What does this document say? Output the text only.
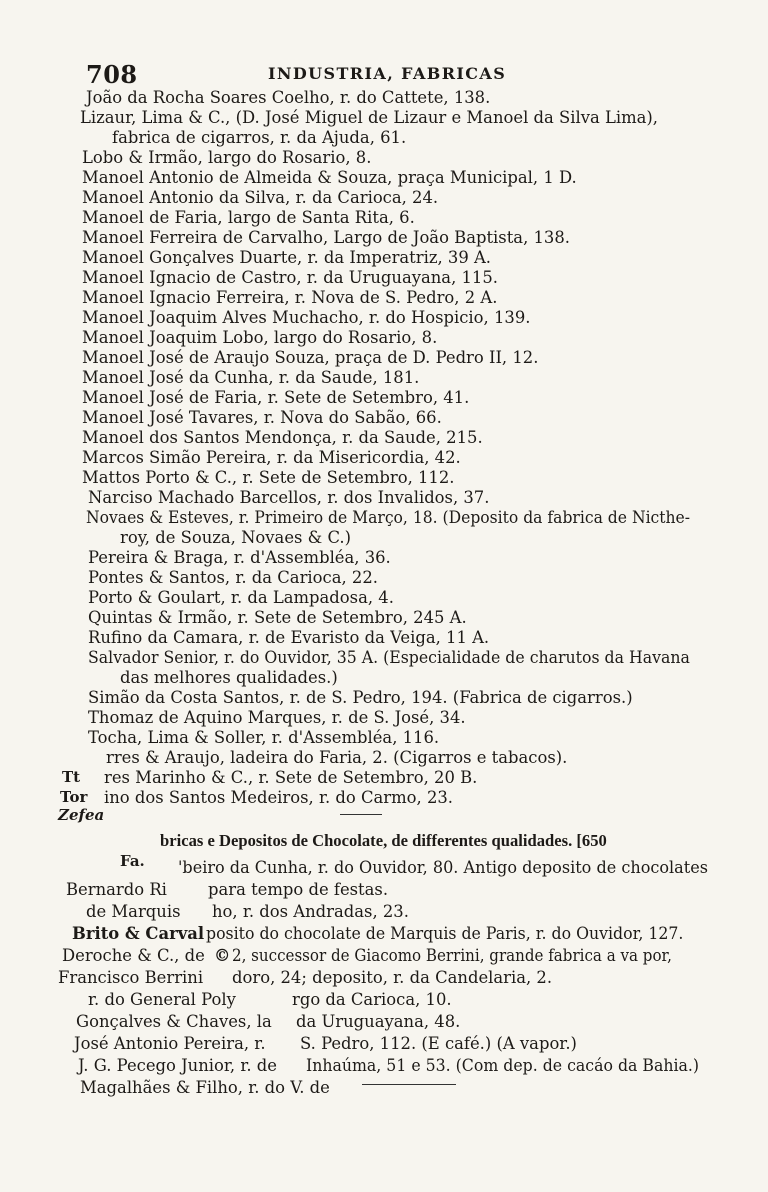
708	INDUSTRIA, FABRICAS
João da Rocha Soares Coelho, r. do Cattete, 138.
Lizaur, Lima & C., (D. José Miguel de Lizaur e Manoel da Silva Lima),
fabrica de cigarros, r. da Ajuda, 61.
Lobo & Irmão, largo do Rosario, 8.
Manoel Antonio de Almeida & Souza, praça Municipal, 1 D.
Manoel Antonio da Silva, r. da Carioca, 24.
Manoel de Faria, largo de Santa Rita, 6.
Manoel Ferreira de Carvalho, Largo de João Baptista, 138.
Manoel Gonçalves Duarte, r. da Imperatriz, 39 A.
Manoel Ignacio de Castro, r. da Uruguayana, 115.
Manoel Ignacio Ferreira, r. Nova de S. Pedro, 2 A.
Manoel Joaquim Alves Muchacho, r. do Hospicio, 139.
Manoel Joaquim Lobo, largo do Rosario, 8.
Manoel José de Araujo Souza, praça de D. Pedro II, 12.
Manoel José da Cunha, r. da Saude, 181.
Manoel José de Faria, r. Sete de Setembro, 41.
Manoel José Tavares, r. Nova do Sabão, 66.
Manoel dos Santos Mendonça, r. da Saude, 215.
Marcos Simão Pereira, r. da Misericordia, 42.
Mattos Porto & C., r. Sete de Setembro, 112.
Narciso Machado Barcellos, r. dos Invalidos, 37.
Novaes & Esteves, r. Primeiro de Março, 18. (Deposito da fabrica de Nicthe-
roy, de Souza, Novaes & C.)
Pereira & Braga, r. d'Assembléa, 36.
Pontes & Santos, r. da Carioca, 22.
Porto & Goulart, r. da Lampadosa, 4.
Quintas & Irmão, r. Sete de Setembro, 245 A.
Rufino da Camara, r. de Evaristo da Veiga, 11 A.
Salvador Senior, r. do Ouvidor, 35 A. (Especialidade de charutos da Havana
das melhores qualidades.)
Simão da Costa Santos, r. de S. Pedro, 194. (Fabrica de cigarros.)
Thomaz de Aquino Marques, r. de S. José, 34.
Tocha, Lima & Soller, r. d'Assembléa, 116.
rres & Araujo, ladeira do Faria, 2. (Cigarros e tabacos).
res Marinho & C., r. Sete de Setembro, 20 B.
ino dos Santos Medeiros, r. do Carmo, 23.
Tt
Tor
Zefea
bricas e Depositos de Chocolate, de differentes qualidades. [650
Fa.
Bernardo Ri
de Marquis
Brito & Carval
Deroche & C., de
Francisco Berrini
r. do General Poly
Gonçalves & Chaves, la
José Antonio Pereira, r.
J. G. Pecego Junior, r. de
Magalhães & Filho, r. do V. de
'beiro da Cunha, r. do Ouvidor, 80. Antigo deposito de chocolates
para tempo de festas.
ho, r. dos Andradas, 23.
posito do chocolate de Marquis de Paris, r. do Ouvidor, 127.
2, successor de Giacomo Berrini, grande fabrica a va por,
doro, 24; deposito, r. da Candelaria, 2.
rgo da Carioca, 10.
da Uruguayana, 48.
S. Pedro, 112. (E café.) (A vapor.)
Inhaúma, 51 e 53. (Com dep. de cacáo da Bahia.)
©
